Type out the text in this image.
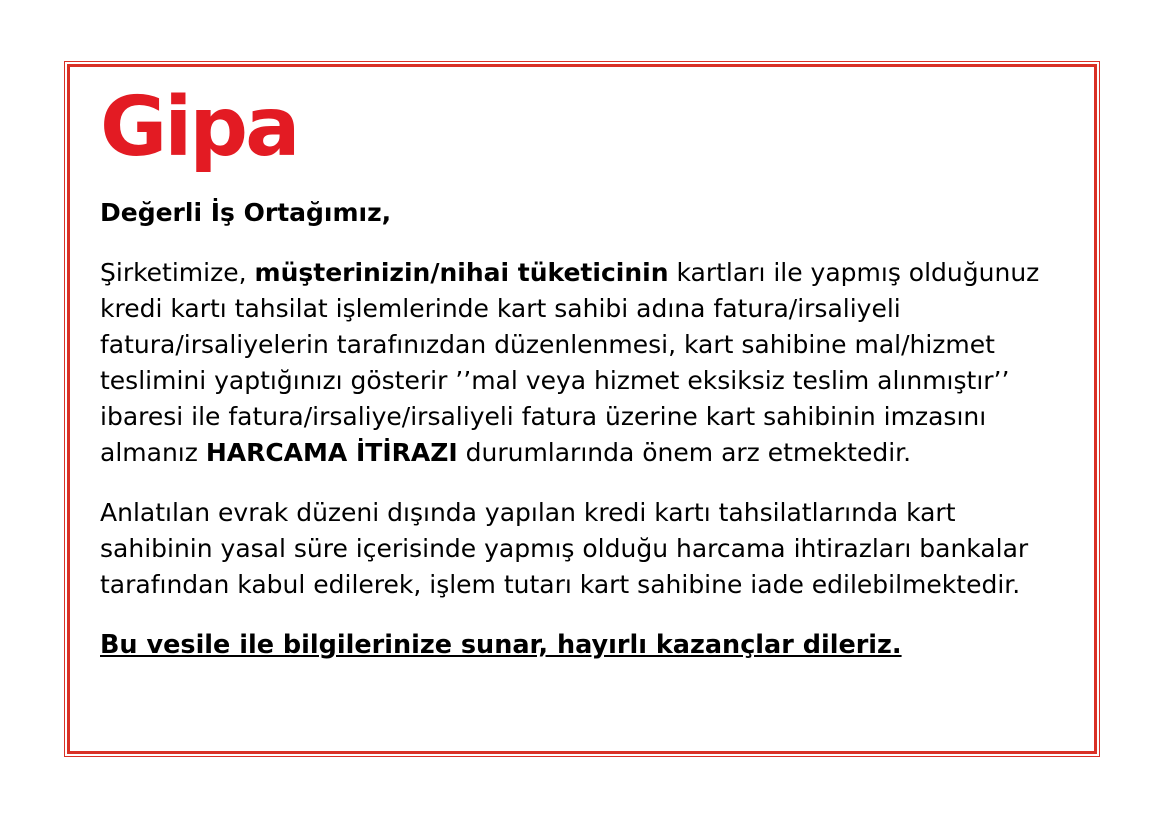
Gipa
Değerli İş Ortağımız,

Şirketimize, müşterinizin/nihai tüketicinin kartları ile yapmış olduğunuz kredi kartı tahsilat işlemlerinde kart sahibi adına fatura/irsaliyeli fatura/irsaliyelerin tarafınızdan düzenlenmesi, kart sahibine mal/hizmet teslimini yaptığınızı gösterir ’’mal veya hizmet eksiksiz teslim alınmıştır’’ ibaresi ile fatura/irsaliye/irsaliyeli fatura üzerine kart sahibinin imzasını almanız HARCAMA İTİRAZI durumlarında önem arz etmektedir.

Anlatılan evrak düzeni dışında yapılan kredi kartı tahsilatlarında kart sahibinin yasal süre içerisinde yapmış olduğu harcama ihtirazları bankalar tarafından kabul edilerek, işlem tutarı kart sahibine iade edilebilmektedir.

Bu vesile ile bilgilerinize sunar, hayırlı kazançlar dileriz.
